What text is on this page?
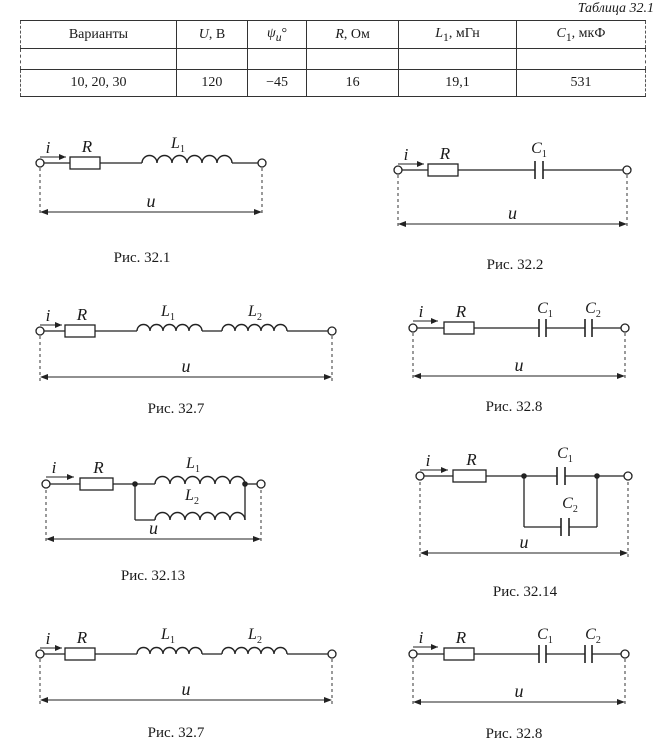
Таблица 32.1
Варианты	U, В	$\psi_u^\circ$	R, Ом	$L_1$, мГн	$C_1$, мкФ

10, 20, 30	120	−45	16	19,1	531
R	$L_1$
i
u
Рис. 32.1
R	$C_1$
i
u
Рис. 32.2
R	$L_1$	$L_2$
i
u
Рис. 32.7
R	$C_1$ $C_2$
i
u
Рис. 32.8
R	$L_1$
$L_2$
i
u
Рис. 32.13
R	$C_1$
$C_2$
i
u
Рис. 32.14
R	$L_1$	$L_2$
i
u
Рис. 32.7
R	$C_1$ $C_2$
i
u
Рис. 32.8
